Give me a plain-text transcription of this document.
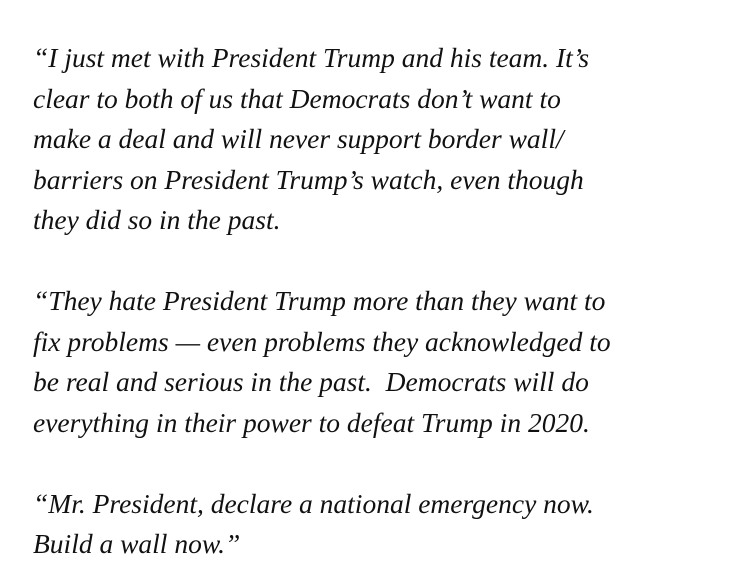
“I just met with President Trump and his team. It’s
clear to both of us that Democrats don’t want to
make a deal and will never support border wall/
barriers on President Trump’s watch, even though
they did so in the past.

“They hate President Trump more than they want to
fix problems — even problems they acknowledged to
be real and serious in the past.  Democrats will do
everything in their power to defeat Trump in 2020.

“Mr. President, declare a national emergency now.
Build a wall now.”
